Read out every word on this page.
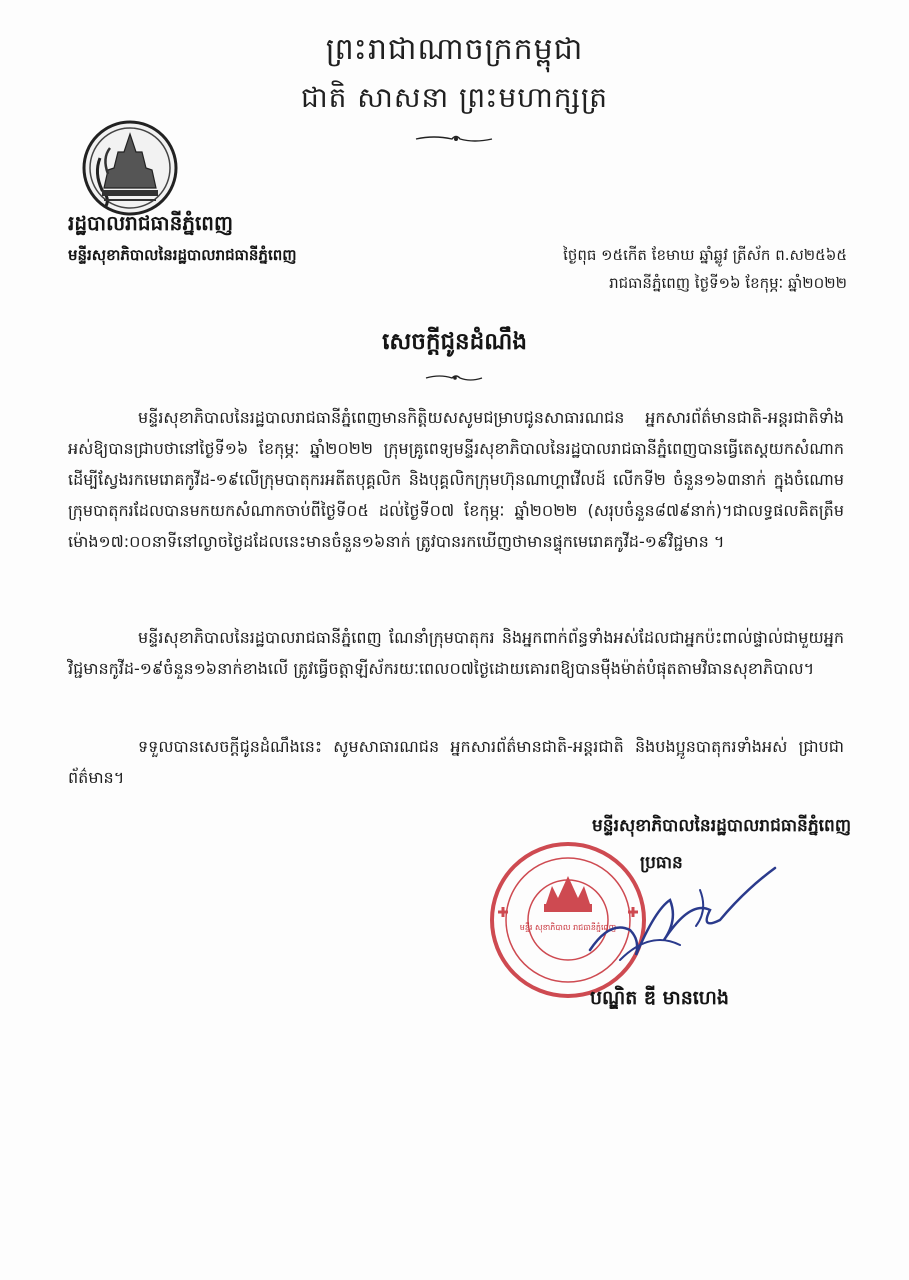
ព្រះរាជាណាចក្រកម្ពុជា
ជាតិ សាសនា ព្រះមហាក្សត្រ
រដ្ឋបាលរាជធានីភ្នំពេញ
មន្ទីរសុខាភិបាលនៃរដ្ឋបាលរាជធានីភ្នំពេញ	ថ្ងៃពុធ ១៥កើត ខែមាឃ ឆ្នាំឆ្លូវ ត្រីស័ក ព.ស២៥៦៥
រាជធានីភ្នំពេញ ថ្ងៃទី១៦ ខែកុម្ភៈ ឆ្នាំ២០២២
សេចក្តីជូនដំណឹង

មន្ទីរសុខាភិបាលនៃរដ្ឋបាលរាជធានីភ្នំពេញមានកិត្តិយសសូមជម្រាបជូនសាធារណជន អ្នកសារព័ត៌មានជាតិ-អន្តរជាតិទាំងអស់ឱ្យបានជ្រាបថានៅថ្ងៃទី១៦ ខែកុម្ភៈ ឆ្នាំ២០២២ ក្រុមគ្រូពេទ្យមន្ទីរសុខាភិបាលនៃរដ្ឋបាលរាជធានីភ្នំពេញបានធ្វើតេស្តយកសំណាកដើម្បីស្វែងរកមេរោគកូវីដ-១៩លើក្រុមបាតុករអតីតបុគ្គលិក និងបុគ្គលិកក្រុមហ៊ុនណាហ្គាវើលដ៍ លើកទី២ ចំនួន១៦៣នាក់ ក្នុងចំណោមក្រុមបាតុករដែលបានមកយកសំណាកចាប់ពីថ្ងៃទី០៥ ដល់ថ្ងៃទី០៧ ខែកុម្ភៈ ឆ្នាំ២០២២ (សរុបចំនួន៨៧៩នាក់)។ជាលទ្ធផលគិតត្រឹមម៉ោង១៧:០០នាទីនៅល្ងាចថ្ងៃដដែលនេះមានចំនួន១៦នាក់ ត្រូវបានរកឃើញថាមានផ្ទុកមេរោគកូវីដ-១៩វិជ្ជមាន ។

មន្ទីរសុខាភិបាលនៃរដ្ឋបាលរាជធានីភ្នំពេញ ណែនាំក្រុមបាតុករ និងអ្នកពាក់ព័ន្ធទាំងអស់ដែលជាអ្នកប៉ះពាល់ផ្ទាល់ជាមួយអ្នកវិជ្ជមានកូវីដ-១៩ចំនួន១៦នាក់ខាងលើ ត្រូវធ្វើចត្តាឡីស័ករយៈពេល០៧ថ្ងៃដោយគោរពឱ្យបានម៉ឺងម៉ាត់បំផុតតាមវិធានសុខាភិបាល។

ទទួលបានសេចក្តីជូនដំណឹងនេះ សូមសាធារណជន អ្នកសារព័ត៌មានជាតិ-អន្តរជាតិ និងបងប្អូនបាតុករទាំងអស់ ជ្រាបជាព័ត៌មាន។

មន្ទីរសុខាភិបាលនៃរដ្ឋបាលរាជធានីភ្នំពេញ
ប្រធាន
មន្ទីរ សុខាភិបាល រាជធានីភ្នំពេញ
បណ្ឌិត ឌី មានហេង
